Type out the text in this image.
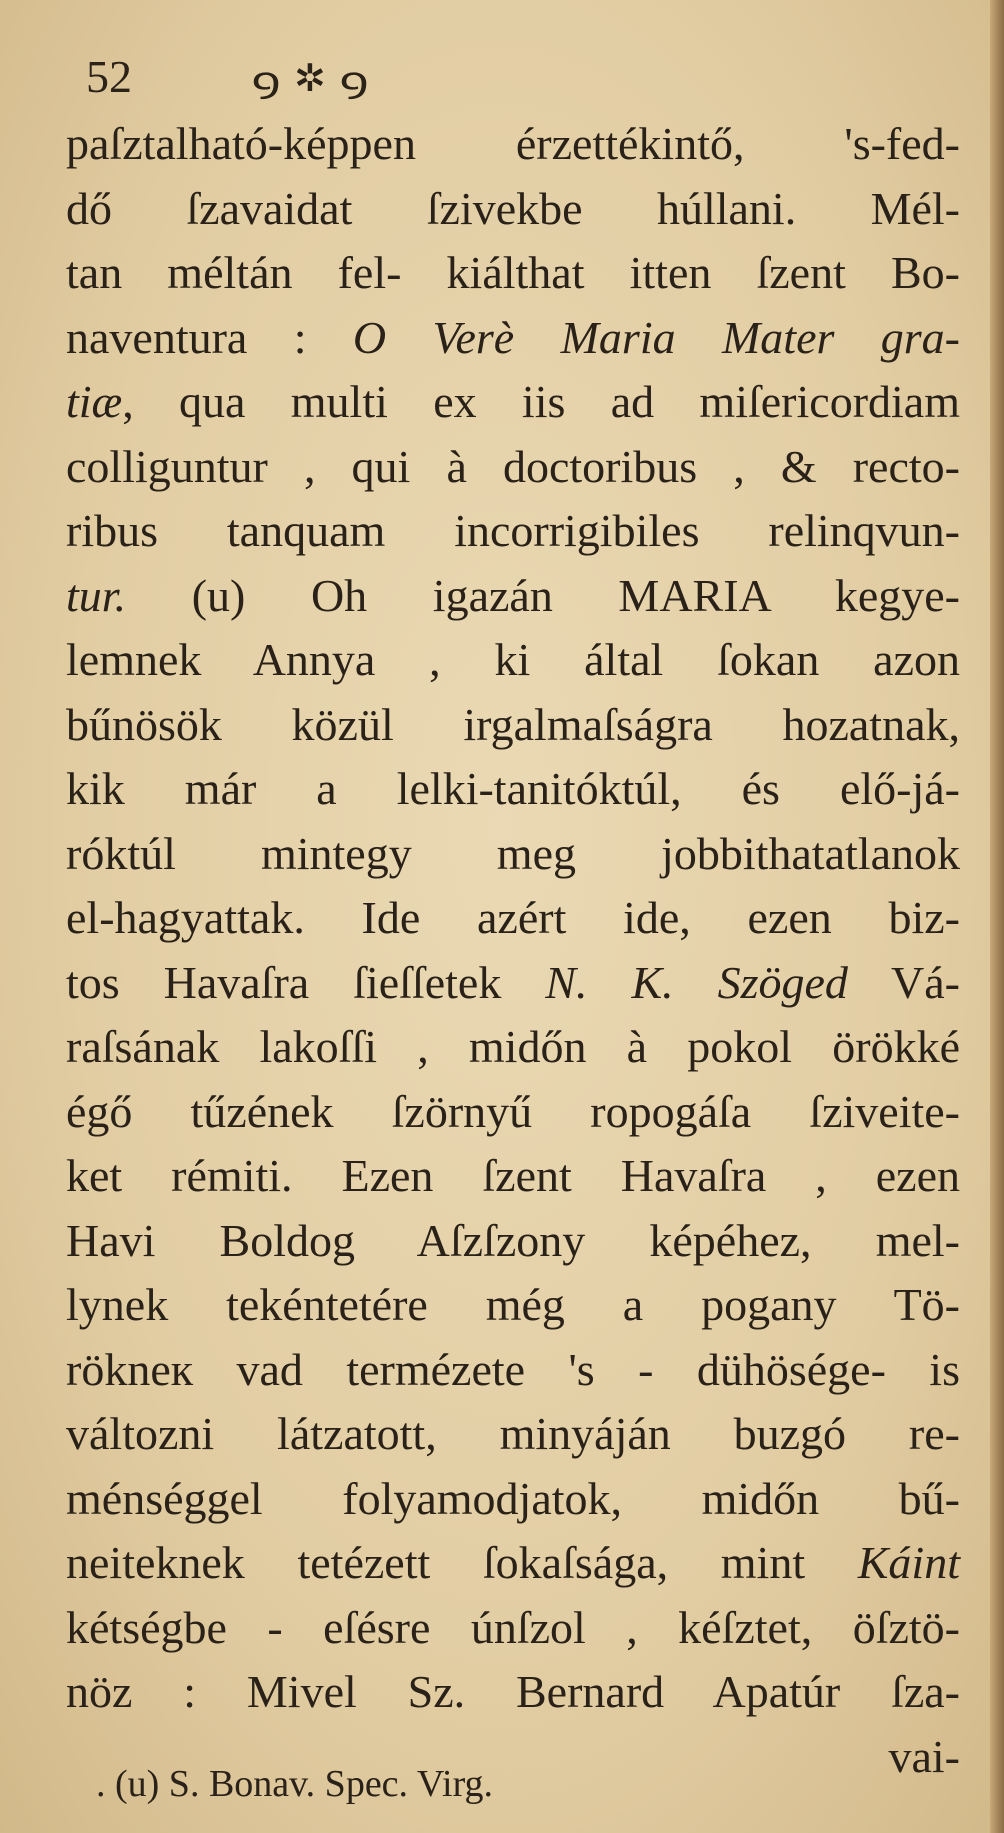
52	ꝯ ✲ ꝯ
paſztalható-képpen érzettékintő, 's-fed-
dő ſzavaidat ſzivekbe húllani. Mél-
tan méltán fel- kiálthat itten ſzent Bo-
naventura : O Verè Maria Mater gra-
tiæ, qua multi ex iis ad miſericordiam
colliguntur , qui à doctoribus , & recto-
ribus tanquam incorrigibiles relinqvun-
tur. (u) Oh igazán MARIA kegye-
lemnek Annya , ki által ſokan azon
bűnösök közül irgalmaſságra hozatnak,
kik már a lelki-tanitóktúl, és elő-já-
róktúl mintegy meg jobbithatatlanok
el-hagyattak. Ide azért ide, ezen biz-
tos Havaſra ſieſſetek N. K. Szöged Vá-
raſsának lakoſſi , midőn à pokol örökké
égő tűzének ſzörnyű ropogáſa ſziveite-
ket rémiti. Ezen ſzent Havaſra , ezen
Havi Boldog Aſzſzony képéhez, mel-
lynek tekéntetére még a pogany Tö-
rökneк vad termézete 's - dühösége- is
változni látzatott, minyáján buzgó re-
ménséggel folyamodjatok, midőn bű-
neiteknek tetézett ſokaſsága, mint Káint
kétségbe - eſésre únſzol , kéſztet, öſztö-
nöz : Mivel Sz. Bernard Apatúr ſza-
vai-
. (u) S. Bonav. Spec. Virg.
